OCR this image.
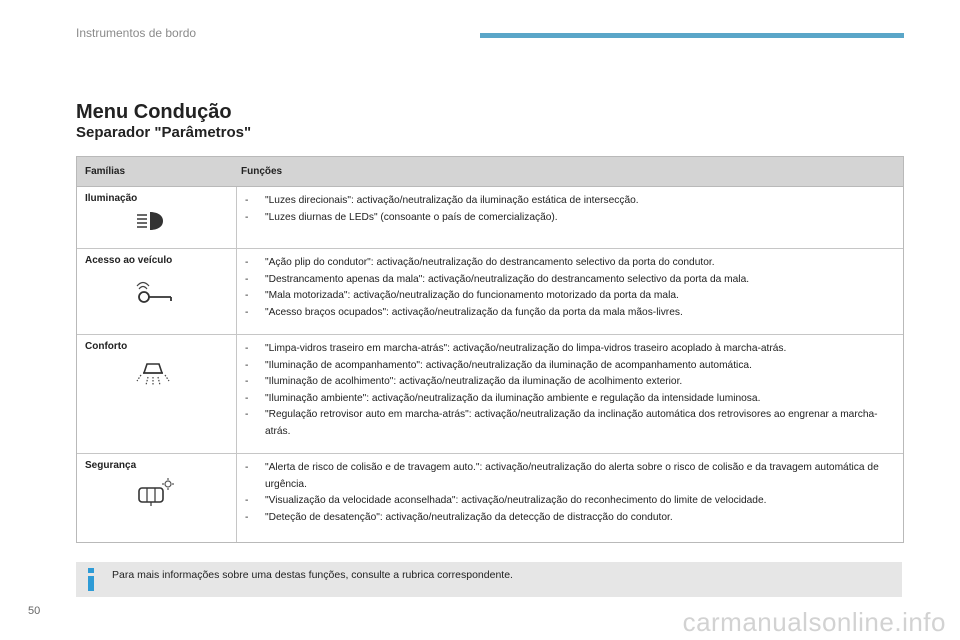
Instrumentos de bordo
Menu Condução
Separador "Parâmetros"
Famílias	Funções
Iluminação	-	"Luzes direcionais": activação/neutralização da iluminação estática de intersecção.
-	"Luzes diurnas de LEDs" (consoante o país de comercialização).
Acesso ao veículo	-	"Ação plip do condutor": activação/neutralização do destrancamento selectivo da porta do condutor.
-	"Destrancamento apenas da mala": activação/neutralização do destrancamento selectivo da porta da mala.
-	"Mala motorizada": activação/neutralização do funcionamento motorizado da porta da mala.
-	"Acesso braços ocupados": activação/neutralização da função da porta da mala mãos-livres.
Conforto	-	"Limpa-vidros traseiro em marcha-atrás": activação/neutralização do limpa-vidros traseiro acoplado à marcha-atrás.
-	"Iluminação de acompanhamento": activação/neutralização da iluminação de acompanhamento automática.
-	"Iluminação de acolhimento": activação/neutralização da iluminação de acolhimento exterior.
-	"Iluminação ambiente": activação/neutralização da iluminação ambiente e regulação da intensidade luminosa.
-	"Regulação retrovisor auto em marcha-atrás": activação/neutralização da inclinação automática dos retrovisores ao engrenar a marcha-atrás.
Segurança	-	"Alerta de risco de colisão e de travagem auto.": activação/neutralização do alerta sobre o risco de colisão e da travagem automática de urgência.
-	"Visualização da velocidade aconselhada": activação/neutralização do reconhecimento do limite de velocidade.
-	"Deteção de desatenção": activação/neutralização da detecção de distracção do condutor.
Para mais informações sobre uma destas funções, consulte a rubrica correspondente.
50	carmanualsonline.info
